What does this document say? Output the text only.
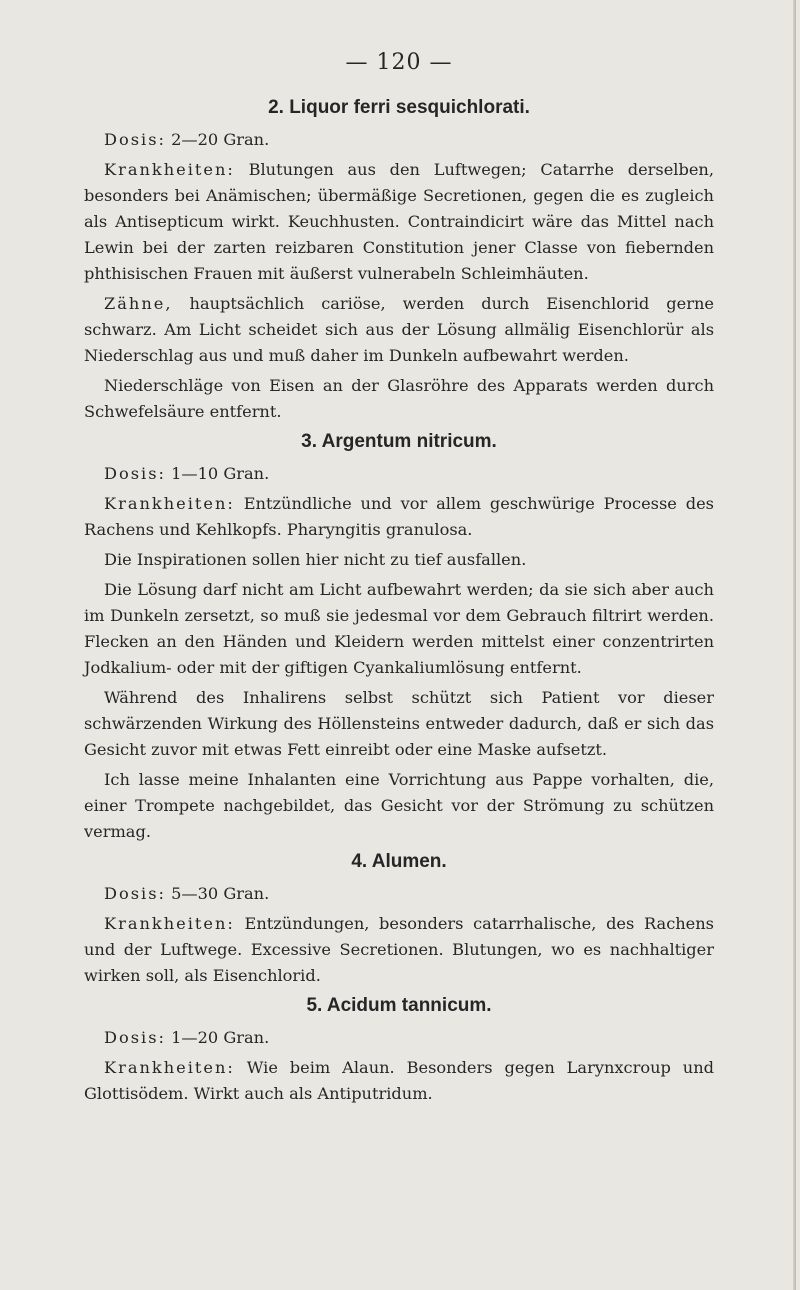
— 120 —
2. Liquor ferri sesquichlorati.

Dosis: 2—20 Gran.

Krankheiten: Blutungen aus den Luftwegen; Catarrhe derselben, besonders bei Anämischen; übermäßige Secretionen, gegen die es zugleich als Antisepticum wirkt. Keuchhusten. Contraindicirt wäre das Mittel nach Lewin bei der zarten reizbaren Constitution jener Classe von fiebernden phthisischen Frauen mit äußerst vulnerabeln Schleimhäuten.

Zähne, hauptsächlich cariöse, werden durch Eisenchlorid gerne schwarz. Am Licht scheidet sich aus der Lösung allmälig Eisenchlorür als Niederschlag aus und muß daher im Dunkeln aufbewahrt werden.

Niederschläge von Eisen an der Glasröhre des Apparats werden durch Schwefelsäure entfernt.

3. Argentum nitricum.

Dosis: 1—10 Gran.

Krankheiten: Entzündliche und vor allem geschwürige Processe des Rachens und Kehlkopfs. Pharyngitis granulosa.

Die Inspirationen sollen hier nicht zu tief ausfallen.

Die Lösung darf nicht am Licht aufbewahrt werden; da sie sich aber auch im Dunkeln zersetzt, so muß sie jedesmal vor dem Gebrauch filtrirt werden. Flecken an den Händen und Kleidern werden mittelst einer conzentrirten Jodkalium- oder mit der giftigen Cyankaliumlösung entfernt.

Während des Inhalirens selbst schützt sich Patient vor dieser schwärzenden Wirkung des Höllensteins entweder dadurch, daß er sich das Gesicht zuvor mit etwas Fett einreibt oder eine Maske aufsetzt.

Ich lasse meine Inhalanten eine Vorrichtung aus Pappe vorhalten, die, einer Trompete nachgebildet, das Gesicht vor der Strömung zu schützen vermag.

4. Alumen.

Dosis: 5—30 Gran.

Krankheiten: Entzündungen, besonders catarrhalische, des Rachens und der Luftwege. Excessive Secretionen. Blutungen, wo es nachhaltiger wirken soll, als Eisenchlorid.

5. Acidum tannicum.

Dosis: 1—20 Gran.

Krankheiten: Wie beim Alaun. Besonders gegen Larynxcroup und Glottisödem. Wirkt auch als Antiputridum.
